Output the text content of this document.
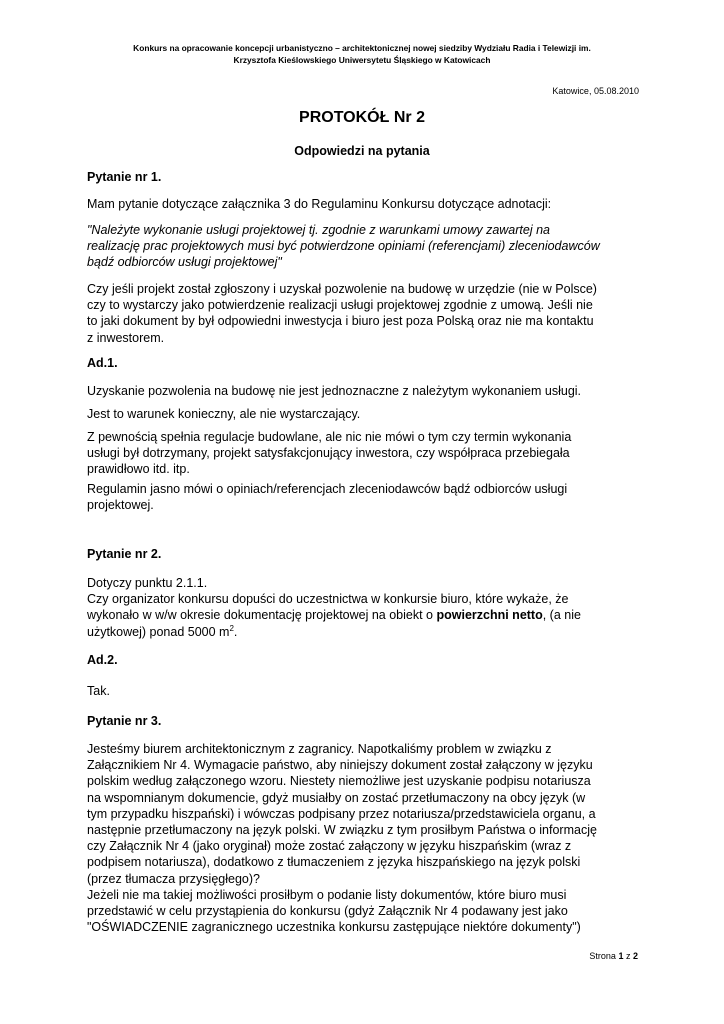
Konkurs na opracowanie koncepcji urbanistyczno – architektonicznej nowej siedziby Wydziału Radia i Telewizji im.
Krzysztofa Kieślowskiego Uniwersytetu Śląskiego w Katowicach
Katowice, 05.08.2010
PROTOKÓŁ Nr 2
Odpowiedzi na pytania
Pytanie nr 1.
Mam pytanie dotyczące załącznika 3 do Regulaminu Konkursu dotyczące adnotacji:
"Należyte wykonanie usługi projektowej tj. zgodnie z warunkami umowy zawartej na
realizację prac projektowych musi być potwierdzone opiniami (referencjami) zleceniodawców
bądź odbiorców usługi projektowej"
Czy jeśli projekt został zgłoszony i uzyskał pozwolenie na budowę w urzędzie (nie w Polsce)
czy to wystarczy jako potwierdzenie realizacji usługi projektowej zgodnie z umową. Jeśli nie
to jaki dokument by był odpowiedni inwestycja i biuro jest poza Polską oraz nie ma kontaktu
z inwestorem.
Ad.1.
Uzyskanie pozwolenia na budowę nie jest jednoznaczne z należytym wykonaniem usługi.
Jest to warunek konieczny, ale nie wystarczający.
Z pewnością spełnia regulacje budowlane, ale nic nie mówi o tym czy termin wykonania
usługi był dotrzymany, projekt satysfakcjonujący inwestora, czy współpraca przebiegała
prawidłowo itd. itp.
Regulamin jasno mówi o opiniach/referencjach zleceniodawców bądź odbiorców usługi
projektowej.
Pytanie nr 2.
Dotyczy punktu 2.1.1.
Czy organizator konkursu dopuści do uczestnictwa w konkursie biuro, które wykaże, że
wykonało w w/w okresie dokumentację projektowej na obiekt o powierzchni netto, (a nie
użytkowej) ponad 5000 $m^2$.
Ad.2.
Tak.
Pytanie nr 3.
Jesteśmy biurem architektonicznym z zagranicy. Napotkaliśmy problem w związku z
Załącznikiem Nr 4. Wymagacie państwo, aby niniejszy dokument został załączony w języku
polskim według załączonego wzoru. Niestety niemożliwe jest uzyskanie podpisu notariusza
na wspomnianym dokumencie, gdyż musiałby on zostać przetłumaczony na obcy język (w
tym przypadku hiszpański) i wówczas podpisany przez notariusza/przedstawiciela organu, a
następnie przetłumaczony na język polski. W związku z tym prosiłbym Państwa o informację
czy Załącznik Nr 4 (jako oryginał) może zostać załączony w języku hiszpańskim (wraz z
podpisem notariusza), dodatkowo z tłumaczeniem z języka hiszpańskiego na język polski
(przez tłumacza przysięgłego)?
Jeżeli nie ma takiej możliwości prosiłbym o podanie listy dokumentów, które biuro musi
przedstawić w celu przystąpienia do konkursu (gdyż Załącznik Nr 4 podawany jest jako
"OŚWIADCZENIE zagranicznego uczestnika konkursu zastępujące niektóre dokumenty")
Strona 1 z 2
